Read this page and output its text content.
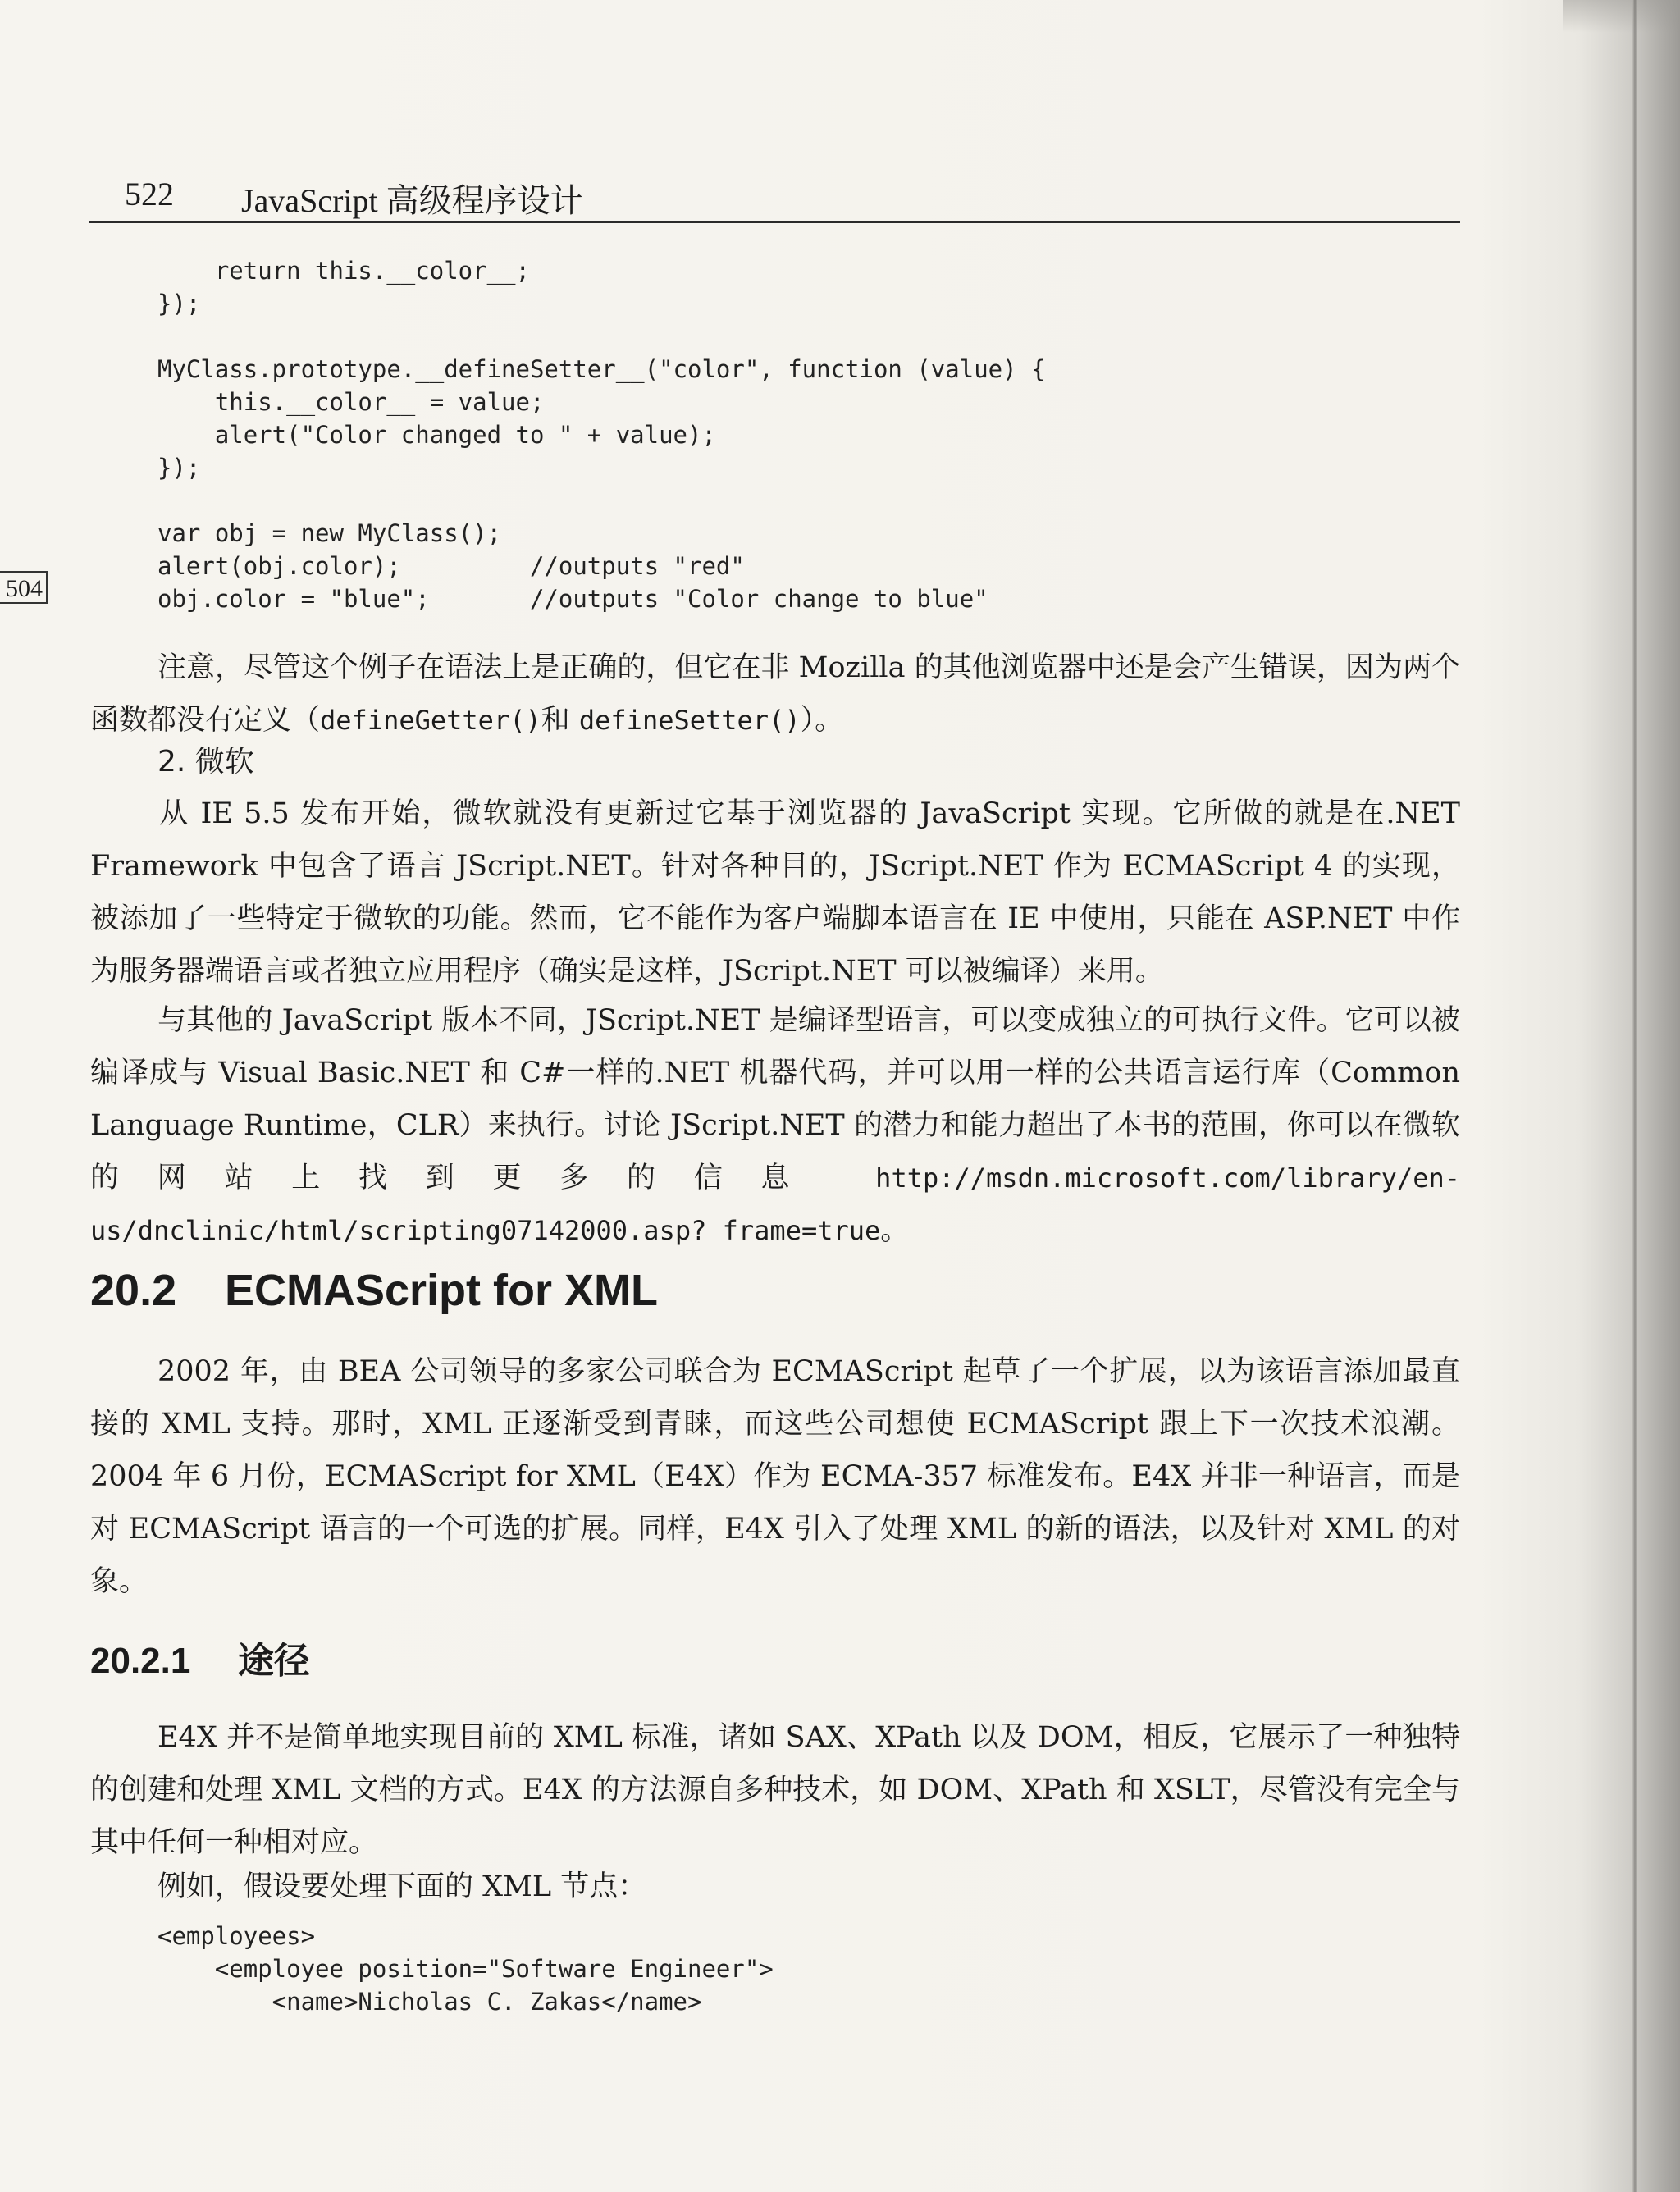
522 JavaScript 高级程序设计
504
return this.__color__;
});

MyClass.prototype.__defineSetter__("color", function (value) {
this.__color__ = value;
alert("Color changed to " + value);
});

var obj = new MyClass();
alert(obj.color);         //outputs "red"
obj.color = "blue";       //outputs "Color change to blue"

注意，尽管这个例子在语法上是正确的，但它在非 Mozilla 的其他浏览器中还是会产生错误，因为两个函数都没有定义（defineGetter()和 defineSetter()）。

2. 微软

从 IE 5.5 发布开始，微软就没有更新过它基于浏览器的 JavaScript 实现。它所做的就是在.NET Framework 中包含了语言 JScript.NET。针对各种目的，JScript.NET 作为 ECMAScript 4 的实现，被添加了一些特定于微软的功能。然而，它不能作为客户端脚本语言在 IE 中使用，只能在 ASP.NET 中作为服务器端语言或者独立应用程序（确实是这样，JScript.NET 可以被编译）来用。

与其他的 JavaScript 版本不同，JScript.NET 是编译型语言，可以变成独立的可执行文件。它可以被编译成与 Visual Basic.NET 和 C#一样的.NET 机器代码，并可以用一样的公共语言运行库（Common Language Runtime，CLR）来执行。讨论 JScript.NET 的潜力和能力超出了本书的范围，你可以在微软的网站上找到更多的信息 http://msdn.microsoft.com/library/en-us/dnclinic/html/scripting07142000.asp? frame=true。

20.2 ECMAScript for XML

2002 年，由 BEA 公司领导的多家公司联合为 ECMAScript 起草了一个扩展，以为该语言添加最直接的 XML 支持。那时，XML 正逐渐受到青睐，而这些公司想使 ECMAScript 跟上下一次技术浪潮。2004 年 6 月份，ECMAScript for XML（E4X）作为 ECMA-357 标准发布。E4X 并非一种语言，而是对 ECMAScript 语言的一个可选的扩展。同样，E4X 引入了处理 XML 的新的语法，以及针对 XML 的对象。

20.2.1 途径

E4X 并不是简单地实现目前的 XML 标准，诸如 SAX、XPath 以及 DOM，相反，它展示了一种独特的创建和处理 XML 文档的方式。E4X 的方法源自多种技术，如 DOM、XPath 和 XSLT，尽管没有完全与其中任何一种相对应。

例如，假设要处理下面的 XML 节点：

<employees>
<employee position="Software Engineer">
<name>Nicholas C. Zakas</name>
